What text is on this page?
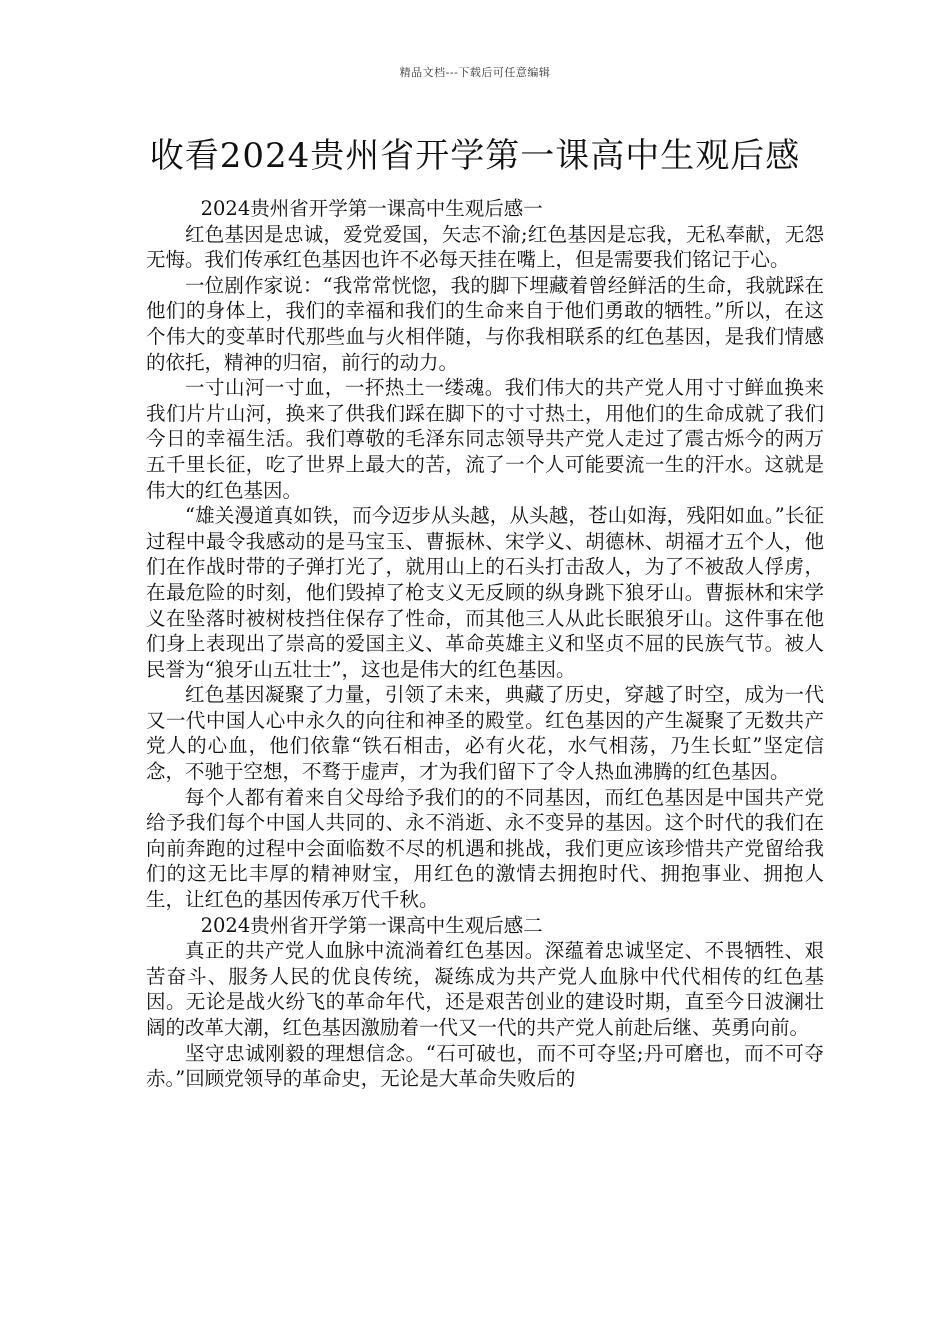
精品文档---下载后可任意编辑
收看2024贵州省开学第一课高中生观后感
2024贵州省开学第一课高中生观后感一

红色基因是忠诚，爱党爱国，矢志不渝;红色基因是忘我，无私奉献，无怨无悔。我们传承红色基因也许不必每天挂在嘴上，但是需要我们铭记于心。

一位剧作家说：“我常常恍惚，我的脚下埋藏着曾经鲜活的生命，我就踩在他们的身体上，我们的幸福和我们的生命来自于他们勇敢的牺牲。”所以，在这个伟大的变革时代那些血与火相伴随，与你我相联系的红色基因，是我们情感的依托，精神的归宿，前行的动力。

一寸山河一寸血，一抔热土一缕魂。我们伟大的共产党人用寸寸鲜血换来我们片片山河，换来了供我们踩在脚下的寸寸热土，用他们的生命成就了我们今日的幸福生活。我们尊敬的毛泽东同志领导共产党人走过了震古烁今的两万五千里长征，吃了世界上最大的苦，流了一个人可能要流一生的汗水。这就是伟大的红色基因。

“雄关漫道真如铁，而今迈步从头越，从头越，苍山如海，残阳如血。”长征过程中最令我感动的是马宝玉、曹振林、宋学义、胡德林、胡福才五个人，他们在作战时带的子弹打光了，就用山上的石头打击敌人，为了不被敌人俘虏，在最危险的时刻，他们毁掉了枪支义无反顾的纵身跳下狼牙山。曹振林和宋学义在坠落时被树枝挡住保存了性命，而其他三人从此长眠狼牙山。这件事在他们身上表现出了崇高的爱国主义、革命英雄主义和坚贞不屈的民族气节。被人民誉为“狼牙山五壮士”，这也是伟大的红色基因。

红色基因凝聚了力量，引领了未来，典藏了历史，穿越了时空，成为一代又一代中国人心中永久的向往和神圣的殿堂。红色基因的产生凝聚了无数共产党人的心血，他们依靠“铁石相击，必有火花，水气相荡，乃生长虹”坚定信念，不驰于空想，不骛于虚声，才为我们留下了令人热血沸腾的红色基因。

每个人都有着来自父母给予我们的的不同基因，而红色基因是中国共产党给予我们每个中国人共同的、永不消逝、永不变异的基因。这个时代的我们在向前奔跑的过程中会面临数不尽的机遇和挑战，我们更应该珍惜共产党留给我们的这无比丰厚的精神财宝，用红色的激情去拥抱时代、拥抱事业、拥抱人生，让红色的基因传承万代千秋。

2024贵州省开学第一课高中生观后感二

真正的共产党人血脉中流淌着红色基因。深蕴着忠诚坚定、不畏牺牲、艰苦奋斗、服务人民的优良传统，凝练成为共产党人血脉中代代相传的红色基因。无论是战火纷飞的革命年代，还是艰苦创业的建设时期，直至今日波澜壮阔的改革大潮，红色基因激励着一代又一代的共产党人前赴后继、英勇向前。

坚守忠诚刚毅的理想信念。“石可破也，而不可夺坚;丹可磨也，而不可夺赤。”回顾党领导的革命史，无论是大革命失败后的
